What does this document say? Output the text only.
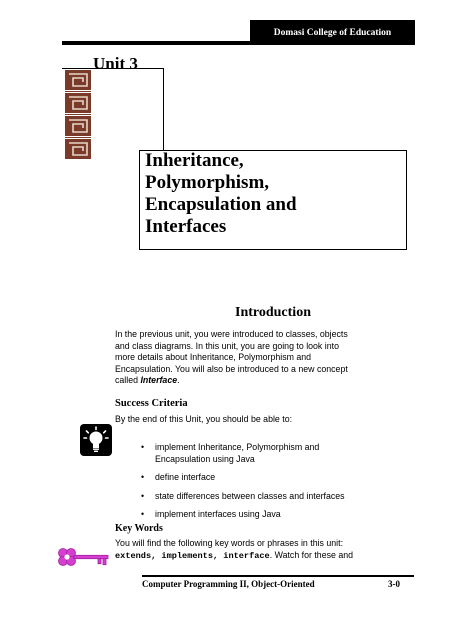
Domasi College of Education
Unit 3
Inheritance,
Polymorphism,
Encapsulation and
Interfaces
Introduction
In the previous unit, you were introduced to classes, objects
and class diagrams. In this unit, you are going to look into
more details about Inheritance, Polymorphism and
Encapsulation. You will also be introduced to a new concept
called Interface.
Success Criteria
By the end of this Unit, you should be able to:
• implement Inheritance, Polymorphism and
Encapsulation using Java
• define interface
• state differences between classes and interfaces
• implement interfaces using Java
Key Words
You will find the following key words or phrases in this unit:
extends, implements, interface. Watch for these and
Computer Programming II, Object-Oriented	3-0
